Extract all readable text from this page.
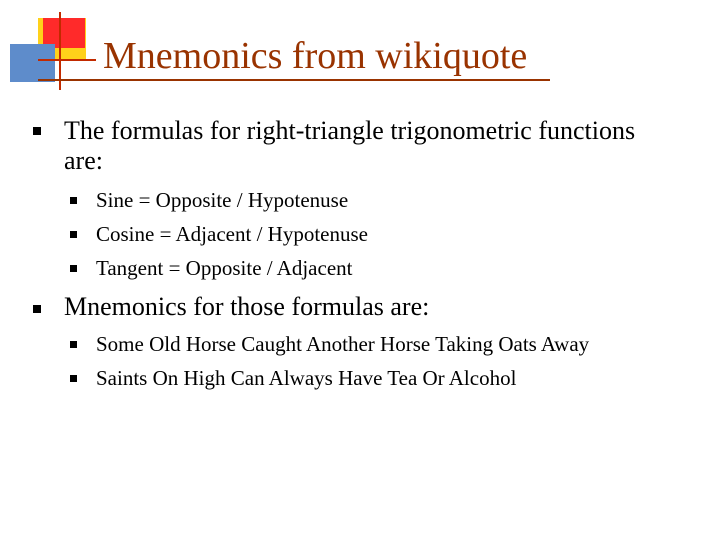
Mnemonics from wikiquote
The formulas for right-triangle trigonometric functions
are:
Sine = Opposite / Hypotenuse
Cosine = Adjacent / Hypotenuse
Tangent = Opposite / Adjacent
Mnemonics for those formulas are:
Some Old Horse Caught Another Horse Taking Oats Away
Saints On High Can Always Have Tea Or Alcohol
